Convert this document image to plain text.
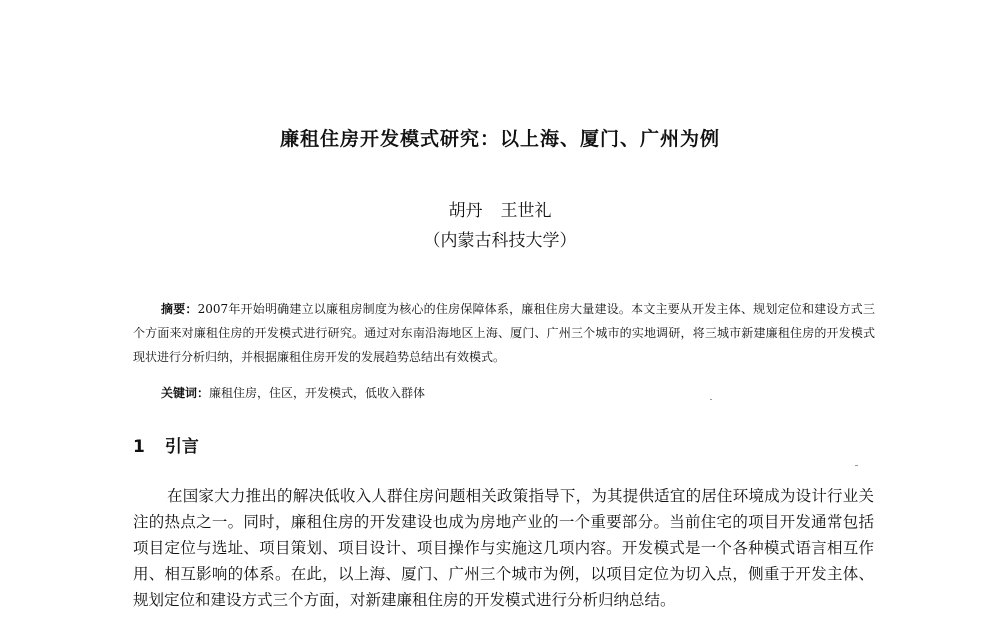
廉租住房开发模式研究：以上海、厦门、广州为例
胡丹 王世礼
（内蒙古科技大学）

摘要：2007年开始明确建立以廉租房制度为核心的住房保障体系，廉租住房大量建设。本文主要从开发主体、规划定位和建设方式三个方面来对廉租住房的开发模式进行研究。通过对东南沿海地区上海、厦门、广州三个城市的实地调研，将三城市新建廉租住房的开发模式现状进行分析归纳，并根据廉租住房开发的发展趋势总结出有效模式。

关键词：廉租住房，住区，开发模式，低收入群体

1 引言

在国家大力推出的解决低收入人群住房问题相关政策指导下，为其提供适宜的居住环境成为设计行业关注的热点之一。同时，廉租住房的开发建设也成为房地产业的一个重要部分。当前住宅的项目开发通常包括项目定位与选址、项目策划、项目设计、项目操作与实施这几项内容。开发模式是一个各种模式语言相互作用、相互影响的体系。在此，以上海、厦门、广州三个城市为例，以项目定位为切入点，侧重于开发主体、规划定位和建设方式三个方面，对新建廉租住房的开发模式进行分析归纳总结。
